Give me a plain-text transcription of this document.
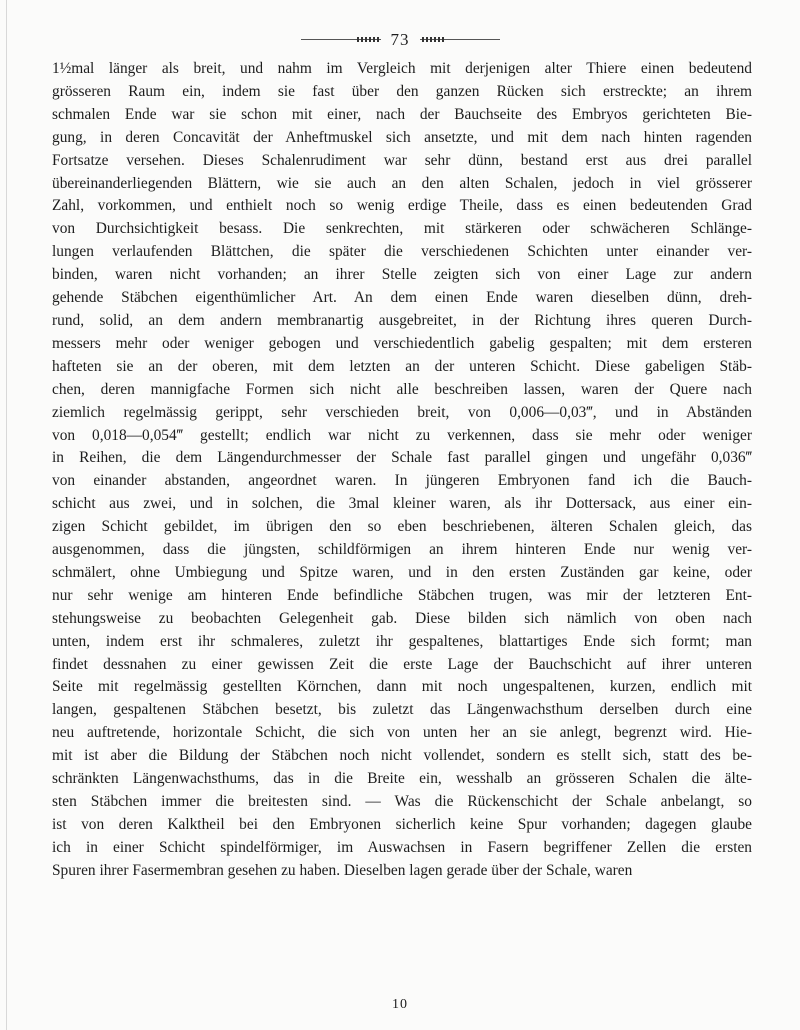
73
1½mal länger als breit, und nahm im Vergleich mit derjenigen alter Thiere einen bedeutend
grösseren Raum ein, indem sie fast über den ganzen Rücken sich erstreckte; an ihrem
schmalen Ende war sie schon mit einer, nach der Bauchseite des Embryos gerichteten Bie-
gung, in deren Concavität der Anheftmuskel sich ansetzte, und mit dem nach hinten ragenden
Fortsatze versehen. Dieses Schalenrudiment war sehr dünn, bestand erst aus drei parallel
übereinanderliegenden Blättern, wie sie auch an den alten Schalen, jedoch in viel grösserer
Zahl, vorkommen, und enthielt noch so wenig erdige Theile, dass es einen bedeutenden Grad
von Durchsichtigkeit besass. Die senkrechten, mit stärkeren oder schwächeren Schlänge-
lungen verlaufenden Blättchen, die später die verschiedenen Schichten unter einander ver-
binden, waren nicht vorhanden; an ihrer Stelle zeigten sich von einer Lage zur andern
gehende Stäbchen eigenthümlicher Art. An dem einen Ende waren dieselben dünn, dreh-
rund, solid, an dem andern membranartig ausgebreitet, in der Richtung ihres queren Durch-
messers mehr oder weniger gebogen und verschiedentlich gabelig gespalten; mit dem ersteren
hafteten sie an der oberen, mit dem letzten an der unteren Schicht. Diese gabeligen Stäb-
chen, deren mannigfache Formen sich nicht alle beschreiben lassen, waren der Quere nach
ziemlich regelmässig gerippt, sehr verschieden breit, von 0,006—0,03‴, und in Abständen
von 0,018—0,054‴ gestellt; endlich war nicht zu verkennen, dass sie mehr oder weniger
in Reihen, die dem Längendurchmesser der Schale fast parallel gingen und ungefähr 0,036‴
von einander abstanden, angeordnet waren. In jüngeren Embryonen fand ich die Bauch-
schicht aus zwei, und in solchen, die 3mal kleiner waren, als ihr Dottersack, aus einer ein-
zigen Schicht gebildet, im übrigen den so eben beschriebenen, älteren Schalen gleich, das
ausgenommen, dass die jüngsten, schildförmigen an ihrem hinteren Ende nur wenig ver-
schmälert, ohne Umbiegung und Spitze waren, und in den ersten Zuständen gar keine, oder
nur sehr wenige am hinteren Ende befindliche Stäbchen trugen, was mir der letzteren Ent-
stehungsweise zu beobachten Gelegenheit gab. Diese bilden sich nämlich von oben nach
unten, indem erst ihr schmaleres, zuletzt ihr gespaltenes, blattartiges Ende sich formt; man
findet dessnahen zu einer gewissen Zeit die erste Lage der Bauchschicht auf ihrer unteren
Seite mit regelmässig gestellten Körnchen, dann mit noch ungespaltenen, kurzen, endlich mit
langen, gespaltenen Stäbchen besetzt, bis zuletzt das Längenwachsthum derselben durch eine
neu auftretende, horizontale Schicht, die sich von unten her an sie anlegt, begrenzt wird. Hie-
mit ist aber die Bildung der Stäbchen noch nicht vollendet, sondern es stellt sich, statt des be-
schränkten Längenwachsthums, das in die Breite ein, wesshalb an grösseren Schalen die älte-
sten Stäbchen immer die breitesten sind. — Was die Rückenschicht der Schale anbelangt, so
ist von deren Kalktheil bei den Embryonen sicherlich keine Spur vorhanden; dagegen glaube
ich in einer Schicht spindelförmiger, im Auswachsen in Fasern begriffener Zellen die ersten
Spuren ihrer Fasermembran gesehen zu haben. Dieselben lagen gerade über der Schale, waren
10
